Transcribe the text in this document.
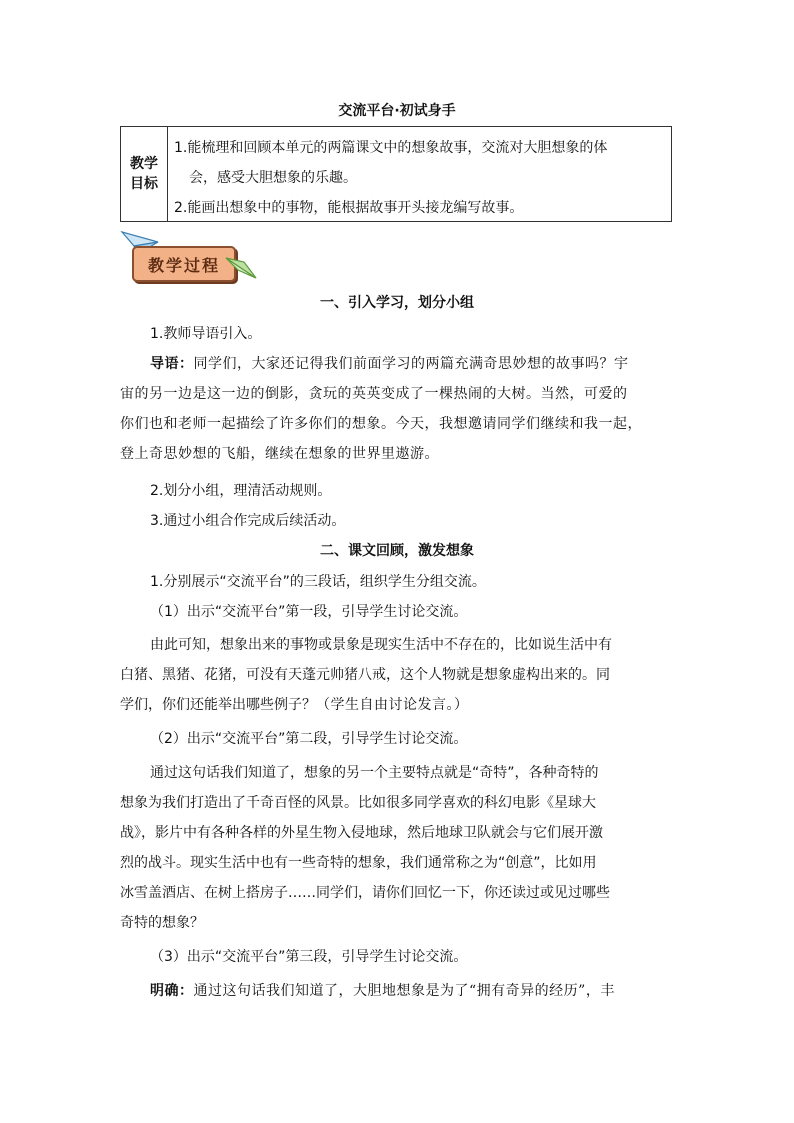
交流平台·初试身手
教学
目标
1.能梳理和回顾本单元的两篇课文中的想象故事，交流对大胆想象的体
会，感受大胆想象的乐趣。
2.能画出想象中的事物，能根据故事开头接龙编写故事。
教学过程
一、引入学习，划分小组
1.教师导语引入。
导语：同学们，大家还记得我们前面学习的两篇充满奇思妙想的故事吗？宇
宙的另一边是这一边的倒影，贪玩的英英变成了一棵热闹的大树。当然，可爱的
你们也和老师一起描绘了许多你们的想象。今天，我想邀请同学们继续和我一起，
登上奇思妙想的飞船，继续在想象的世界里遨游。
2.划分小组，理清活动规则。
3.通过小组合作完成后续活动。
二、课文回顾，激发想象
1.分别展示“交流平台”的三段话，组织学生分组交流。
（1）出示“交流平台”第一段，引导学生讨论交流。
由此可知，想象出来的事物或景象是现实生活中不存在的，比如说生活中有
白猪、黑猪、花猪，可没有天蓬元帅猪八戒，这个人物就是想象虚构出来的。同
学们，你们还能举出哪些例子？（学生自由讨论发言。）
（2）出示“交流平台”第二段，引导学生讨论交流。
通过这句话我们知道了，想象的另一个主要特点就是“奇特”，各种奇特的
想象为我们打造出了千奇百怪的风景。比如很多同学喜欢的科幻电影《星球大
战》，影片中有各种各样的外星生物入侵地球，然后地球卫队就会与它们展开激
烈的战斗。现实生活中也有一些奇特的想象，我们通常称之为“创意”，比如用
冰雪盖酒店、在树上搭房子……同学们，请你们回忆一下，你还读过或见过哪些
奇特的想象？
（3）出示“交流平台”第三段，引导学生讨论交流。
明确：通过这句话我们知道了，大胆地想象是为了“拥有奇异的经历”，丰
